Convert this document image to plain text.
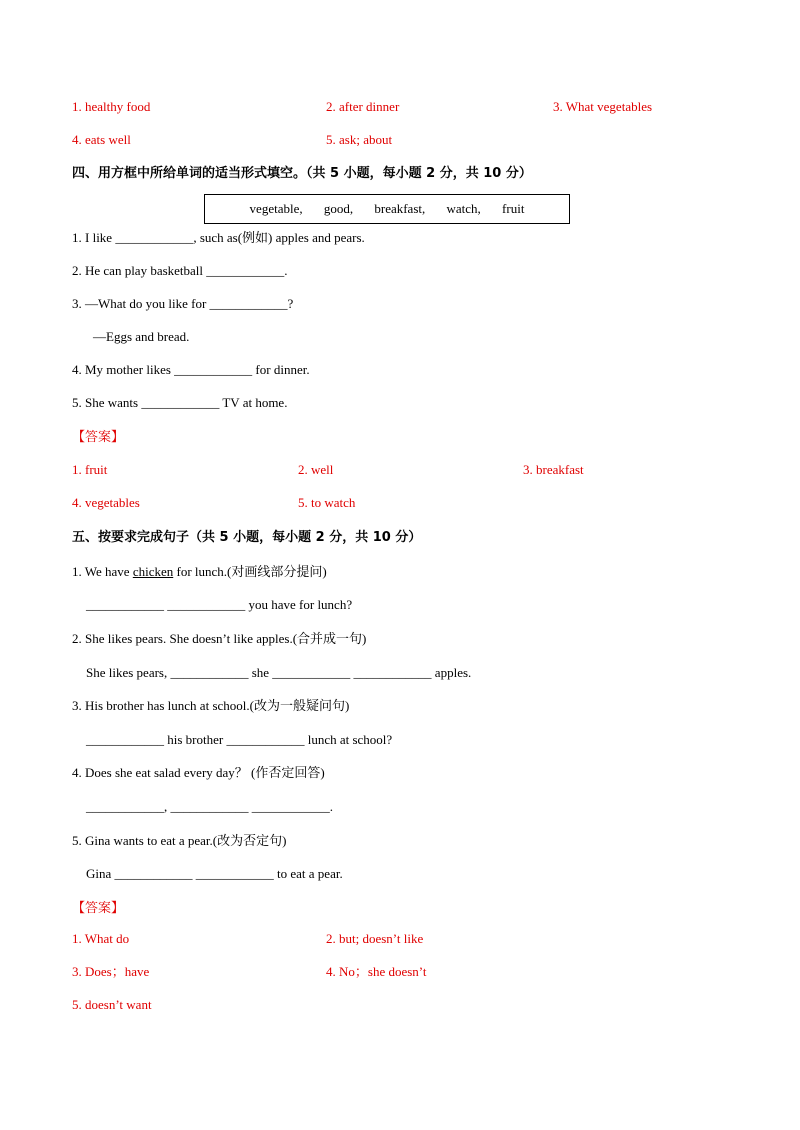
1. healthy food	2. after dinner	3. What vegetables
4. eats well	5. ask; about
四、用方框中所给单词的适当形式填空。（共 5 小题，每小题 2 分，共 10 分）
vegetable, good, breakfast, watch, fruit
1. I like ____________, such as(例如) apples and pears.
2. He can play basketball ____________.
3. —What do you like for ____________?
—Eggs and bread.
4. My mother likes ____________ for dinner.
5. She wants ____________ TV at home.
【答案】
1. fruit	2. well	3. breakfast
4. vegetables	5. to watch
五、按要求完成句子（共 5 小题，每小题 2 分，共 10 分）
1. We have chicken for lunch.(对画线部分提问)
____________ ____________ you have for lunch?
2. She likes pears. She doesn’t like apples.(合并成一句)
She likes pears, ____________ she ____________ ____________ apples.
3. His brother has lunch at school.(改为一般疑问句)
____________ his brother ____________ lunch at school?
4. Does she eat salad every day？ (作否定回答)
____________, ____________ ____________.
5. Gina wants to eat a pear.(改为否定句)
Gina ____________ ____________ to eat a pear.
【答案】
1. What do	2. but; doesn’t like
3. Does；have	4. No；she doesn’t
5. doesn’t want
